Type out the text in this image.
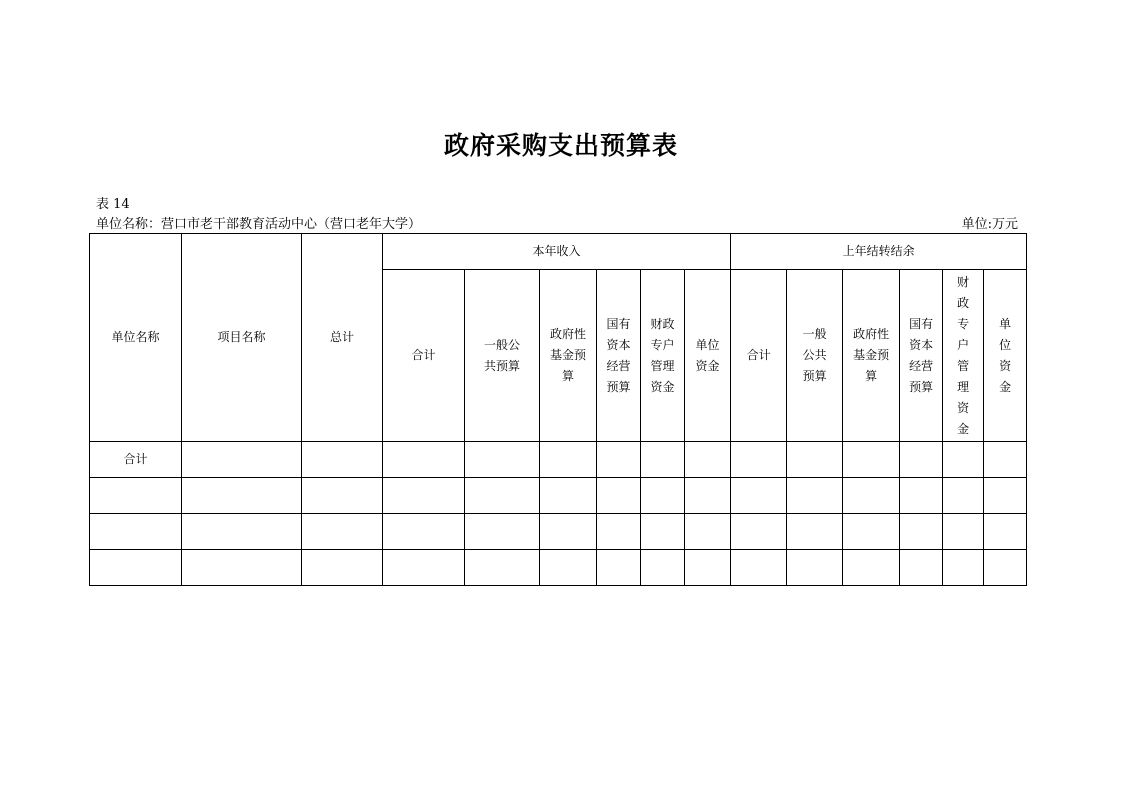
政府采购支出预算表
表 14
单位名称：营口市老干部教育活动中心（营口老年大学）	单位:万元
单位名称	项目名称	总计	本年收入						上年结转结余					
			合计	一般公共预算	政府性基金预算	国有资本经营预算	财政专户管理资金	单位资金	合计	一般公共预算	政府性基金预算	国有资本经营预算	财政专户管理资金	单位资金
合计														
